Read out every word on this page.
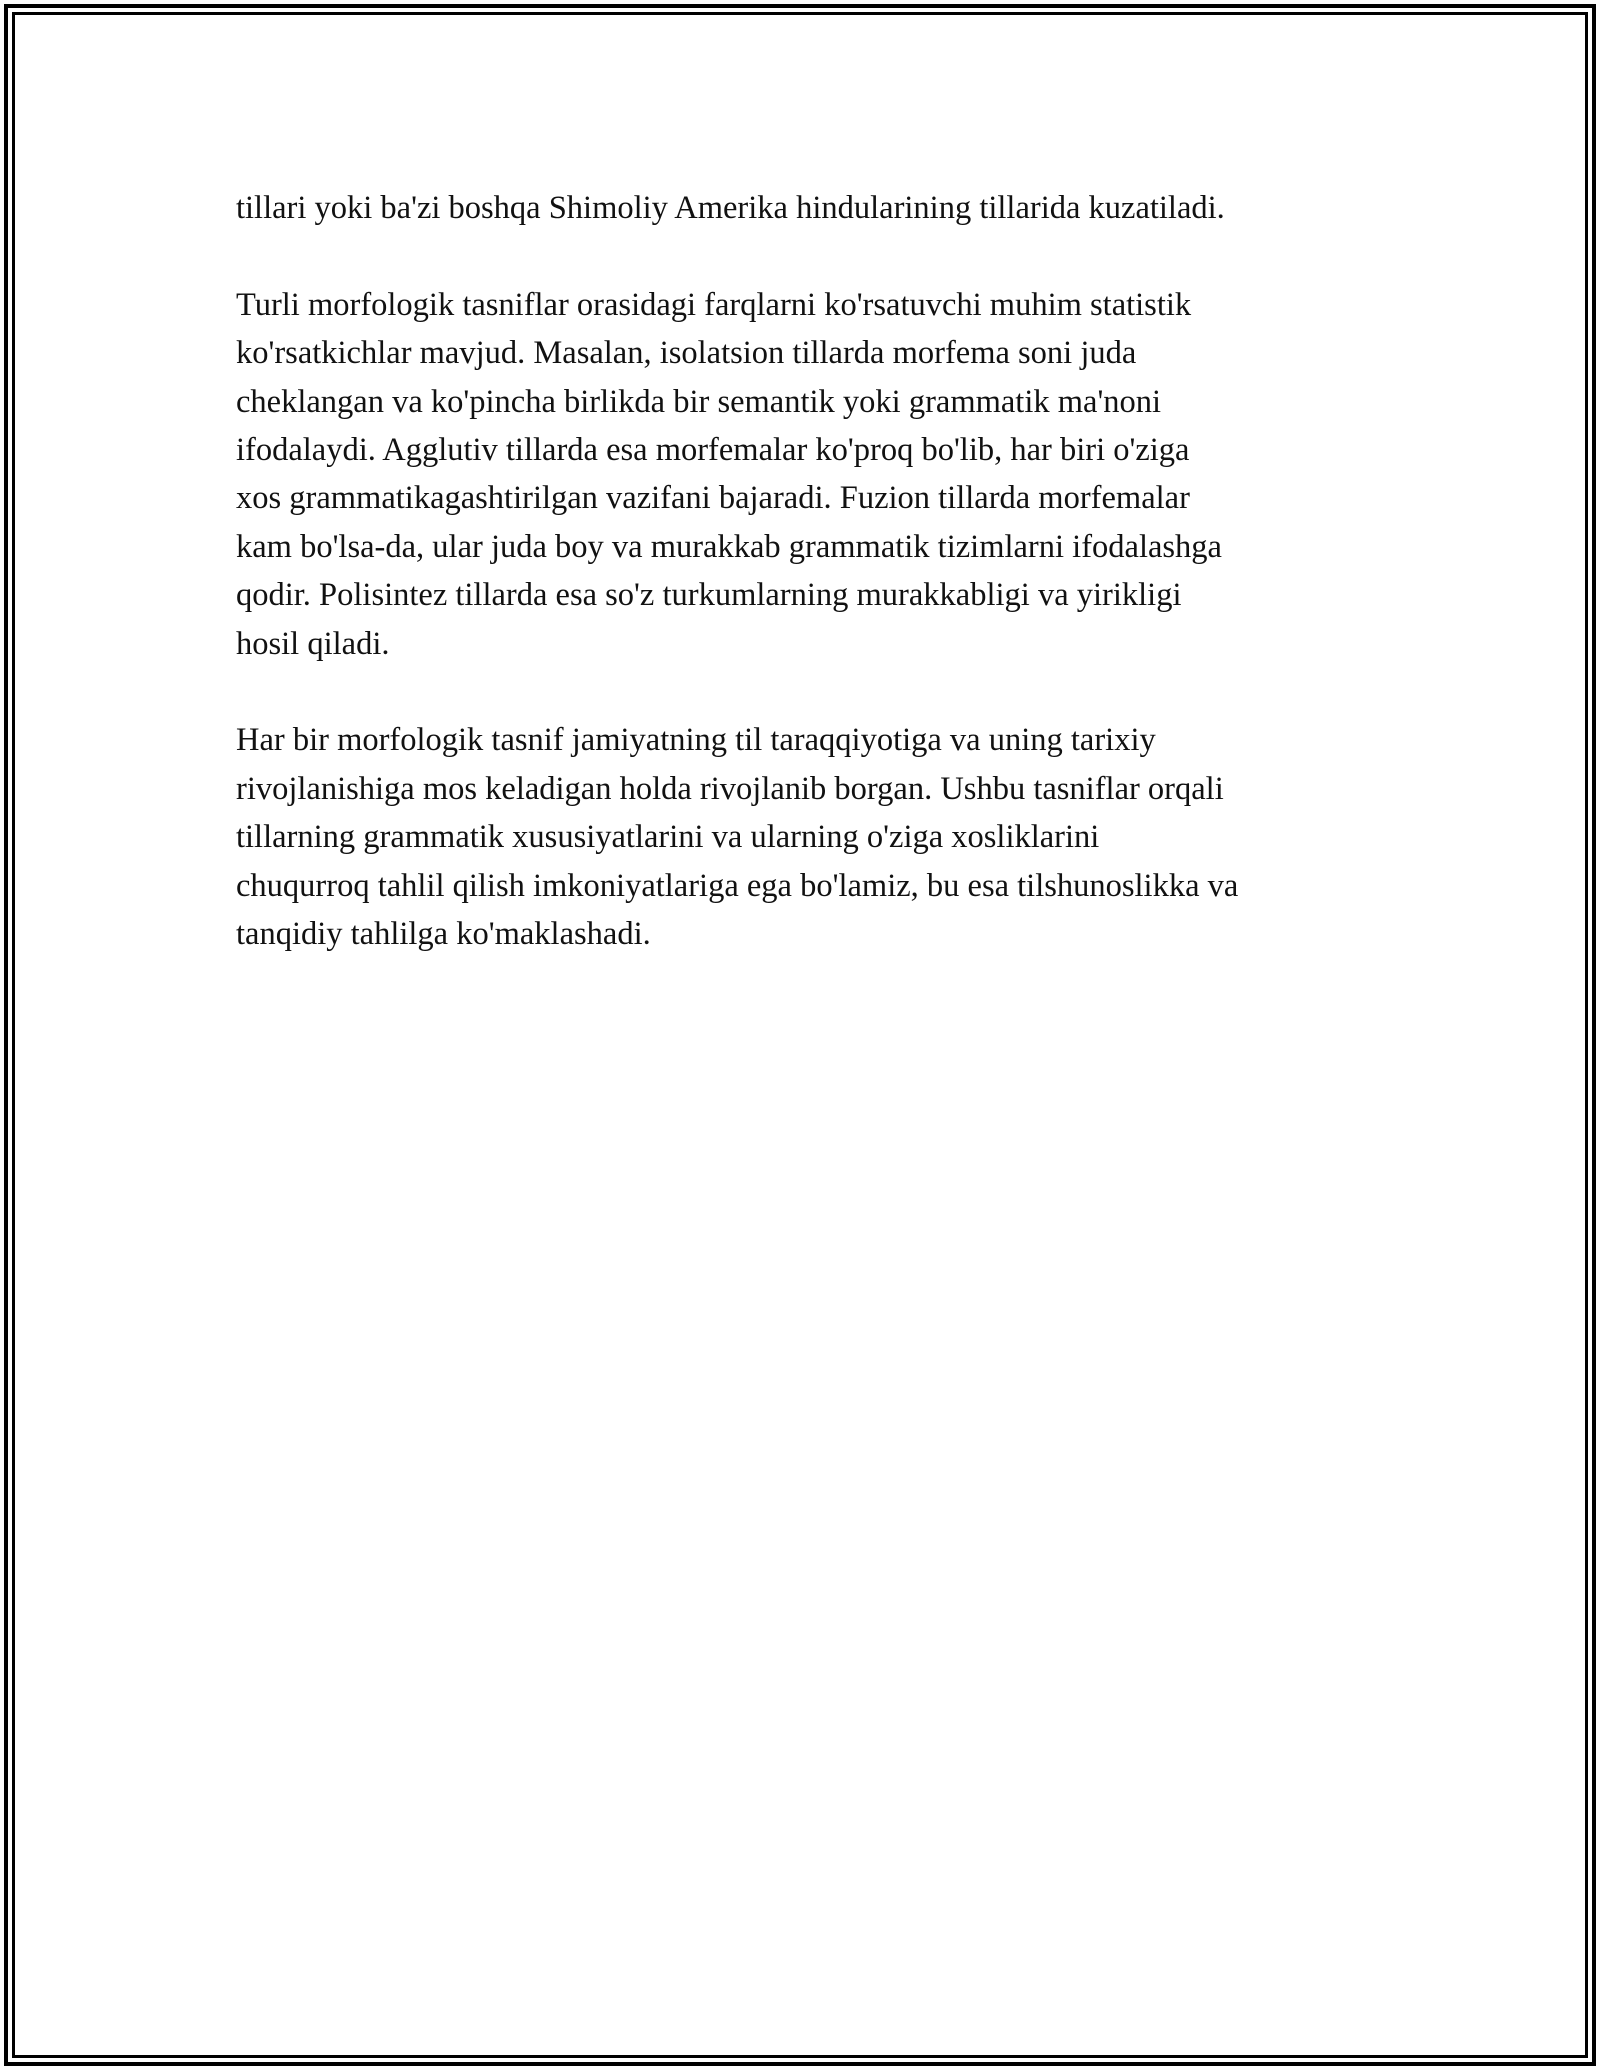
tillari yoki ba'zi boshqa Shimoliy Amerika hindularining tillarida kuzatiladi.

Turli morfologik tasniflar orasidagi farqlarni ko'rsatuvchi muhim statistik
ko'rsatkichlar mavjud. Masalan, isolatsion tillarda morfema soni juda
cheklangan va ko'pincha birlikda bir semantik yoki grammatik ma'noni
ifodalaydi. Agglutiv tillarda esa morfemalar ko'proq bo'lib, har biri o'ziga
xos grammatikagashtirilgan vazifani bajaradi. Fuzion tillarda morfemalar
kam bo'lsa-da, ular juda boy va murakkab grammatik tizimlarni ifodalashga
qodir. Polisintez tillarda esa so'z turkumlarning murakkabligi va yirikligi
hosil qiladi.

Har bir morfologik tasnif jamiyatning til taraqqiyotiga va uning tarixiy
rivojlanishiga mos keladigan holda rivojlanib borgan. Ushbu tasniflar orqali
tillarning grammatik xususiyatlarini va ularning o'ziga xosliklarini
chuqurroq tahlil qilish imkoniyatlariga ega bo'lamiz, bu esa tilshunoslikka va
tanqidiy tahlilga ko'maklashadi.
